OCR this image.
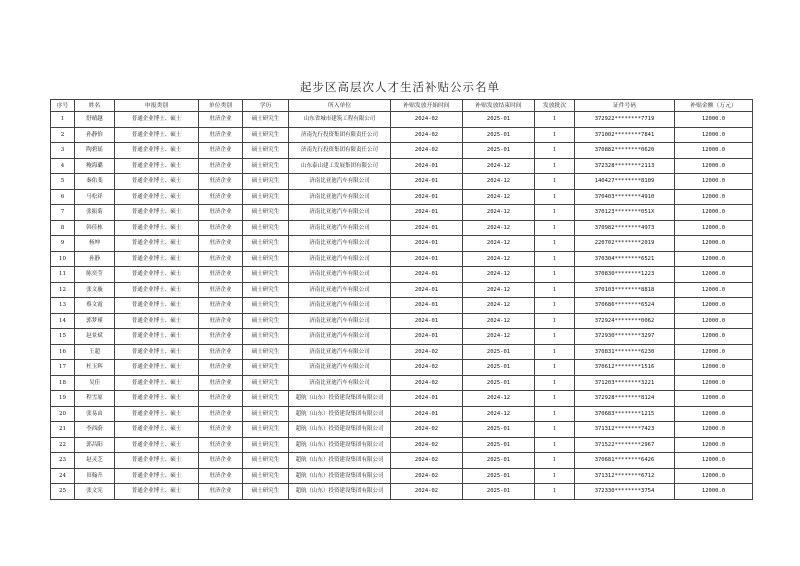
起步区高层次人才生活补贴公示名单
序号	姓名	申报类别	单位类别	学历	所入单位	补贴发放开始时间	补贴发放结束时间	发放批次	证件号码	补贴金额（万元）
1	舒晴越	普通企业博士、硕士	驻济企业	硕士研究生	山东省城市建筑工程有限公司	2024-02	2025-01	1	372922********7719	12000.0
2	孙静怡	普通企业博士、硕士	驻济企业	硕士研究生	济南先行投资集团有限责任公司	2024-02	2025-01	1	371002********7841	12000.0
3	陶碧瑶	普通企业博士、硕士	驻济企业	硕士研究生	济南先行投资集团有限责任公司	2024-02	2025-01	1	370882********0620	12000.0
4	鲍海璐	普通企业博士、硕士	驻济企业	硕士研究生	山东泰山建工发展集团有限公司	2024-01	2024-12	1	372328********2113	12000.0
5	秦佑斐	普通企业博士、硕士	驻济企业	硕士研究生	济南比亚迪汽车有限公司	2024-01	2024-12	1	140427********8109	12000.0
6	马松祥	普通企业博士、硕士	驻济企业	硕士研究生	济南比亚迪汽车有限公司	2024-01	2024-12	1	370403********4910	12000.0
7	张振菊	普通企业博士、硕士	驻济企业	硕士研究生	济南比亚迪汽车有限公司	2024-01	2024-12	1	370123********051X	12000.0
8	韩佳栋	普通企业博士、硕士	驻济企业	硕士研究生	济南比亚迪汽车有限公司	2024-01	2024-12	1	370982********4973	12000.0
9	杨坤	普通企业博士、硕士	驻济企业	硕士研究生	济南比亚迪汽车有限公司	2024-01	2024-12	1	220702********2019	12000.0
10	孙静	普通企业博士、硕士	驻济企业	硕士研究生	济南比亚迪汽车有限公司	2024-01	2024-12	1	370304********6521	12000.0
11	陈奕莹	普通企业博士、硕士	驻济企业	硕士研究生	济南比亚迪汽车有限公司	2024-01	2024-12	1	370830********1223	12000.0
12	张文璇	普通企业博士、硕士	驻济企业	硕士研究生	济南比亚迪汽车有限公司	2024-01	2024-12	1	370103********8818	12000.0
13	蔡文霞	普通企业博士、硕士	驻济企业	硕士研究生	济南比亚迪汽车有限公司	2024-01	2024-12	1	370686********6524	12000.0
14	郭梦瑾	普通企业博士、硕士	驻济企业	硕士研究生	济南比亚迪汽车有限公司	2024-01	2024-12	1	372924********0062	12000.0
15	赵景斌	普通企业博士、硕士	驻济企业	硕士研究生	济南比亚迪汽车有限公司	2024-01	2024-12	1	372930********3297	12000.0
16	王超	普通企业博士、硕士	驻济企业	硕士研究生	济南比亚迪汽车有限公司	2024-02	2025-01	1	370831********6230	12000.0
17	杜玉辉	普通企业博士、硕士	驻济企业	硕士研究生	济南比亚迪汽车有限公司	2024-02	2025-01	1	370612********1516	12000.0
18	吴佳	普通企业博士、硕士	驻济企业	硕士研究生	济南比亚迪汽车有限公司	2024-02	2025-01	1	371203********3221	12000.0
19	程雪原	普通企业博士、硕士	驻济企业	硕士研究生	超航（山东）投资建设集团有限公司	2024-01	2024-12	1	372928********8124	12000.0
20	张易由	普通企业博士、硕士	驻济企业	硕士研究生	超航（山东）投资建设集团有限公司	2024-01	2024-12	1	370683********1215	12000.0
21	李西蔚	普通企业博士、硕士	驻济企业	硕士研究生	超航（山东）投资建设集团有限公司	2024-02	2025-01	1	371312********7423	12000.0
22	郭昌阳	普通企业博士、硕士	驻济企业	硕士研究生	超航（山东）投资建设集团有限公司	2024-02	2025-01	1	371522********2967	12000.0
23	赵灵芝	普通企业博士、硕士	驻济企业	硕士研究生	超航（山东）投资建设集团有限公司	2024-02	2025-01	1	370681********6426	12000.0
24	田翰升	普通企业博士、硕士	驻济企业	硕士研究生	超航（山东）投资建设集团有限公司	2024-02	2025-01	1	371312********6712	12000.0
25	张文宪	普通企业博士、硕士	驻济企业	硕士研究生	超航（山东）投资建设集团有限公司	2024-02	2025-01	1	372330********3754	12000.0
